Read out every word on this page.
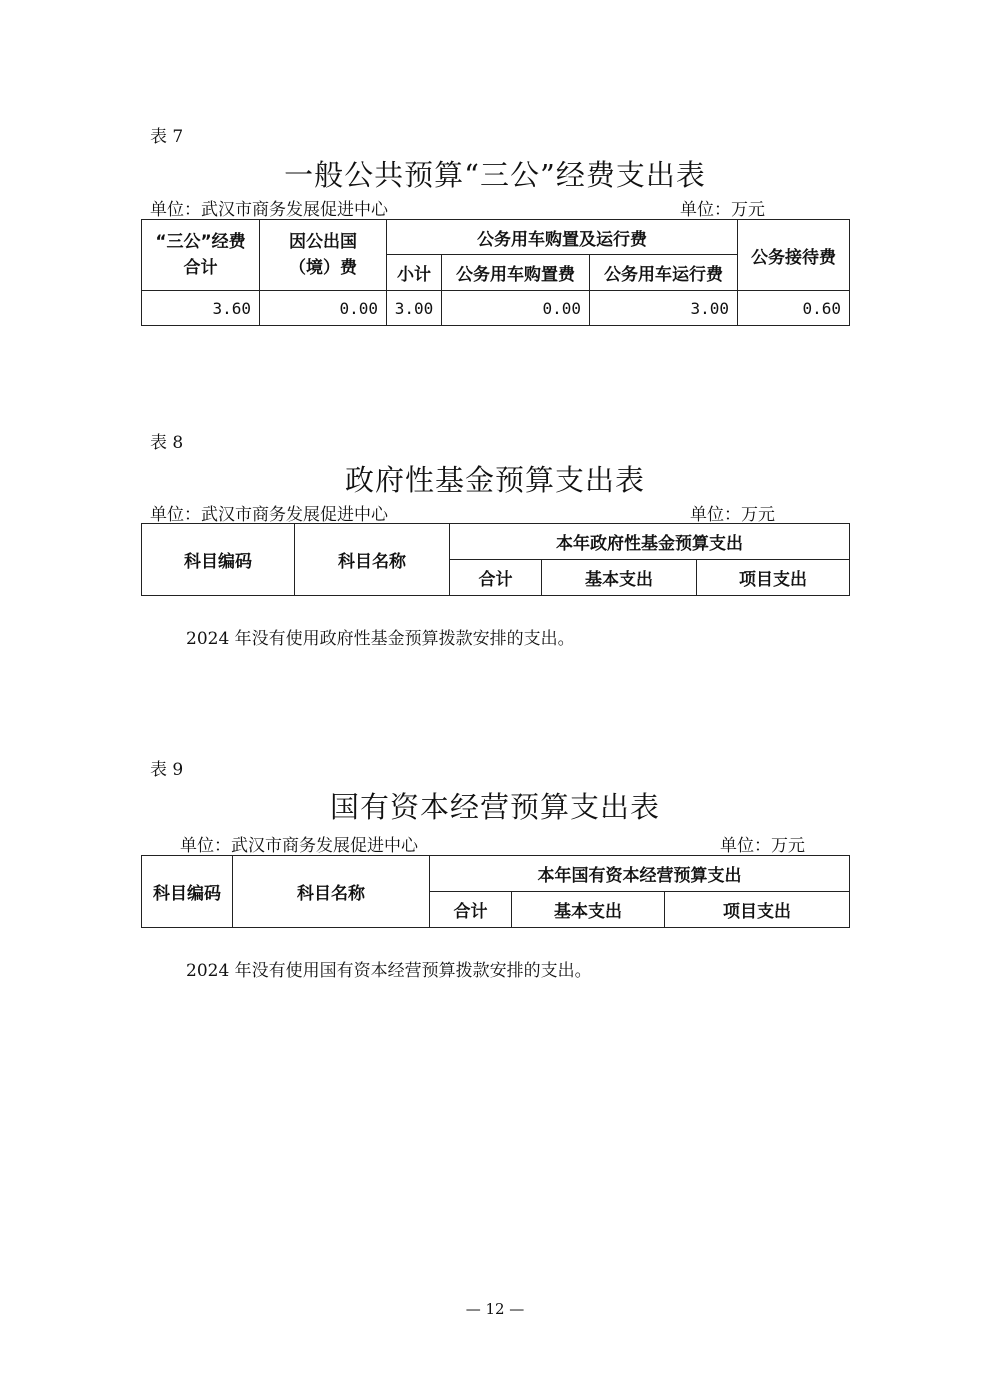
表 7
一般公共预算“三公”经费支出表
单位：武汉市商务发展促进中心	单位：万元
“三公”经费合计	因公出国（境）费	公务用车购置及运行费			公务接待费
		小计	公务用车购置费	公务用车运行费	
3.60	0.00	3.00	0.00	3.00	0.60
表 8
政府性基金预算支出表
单位：武汉市商务发展促进中心	单位：万元
科目编码	科目名称	本年政府性基金预算支出		
		合计	基本支出	项目支出
2024 年没有使用政府性基金预算拨款安排的支出。
表 9
国有资本经营预算支出表
单位：武汉市商务发展促进中心	单位：万元
科目编码	科目名称	本年国有资本经营预算支出		
		合计	基本支出	项目支出
2024 年没有使用国有资本经营预算拨款安排的支出。
— 12 —
